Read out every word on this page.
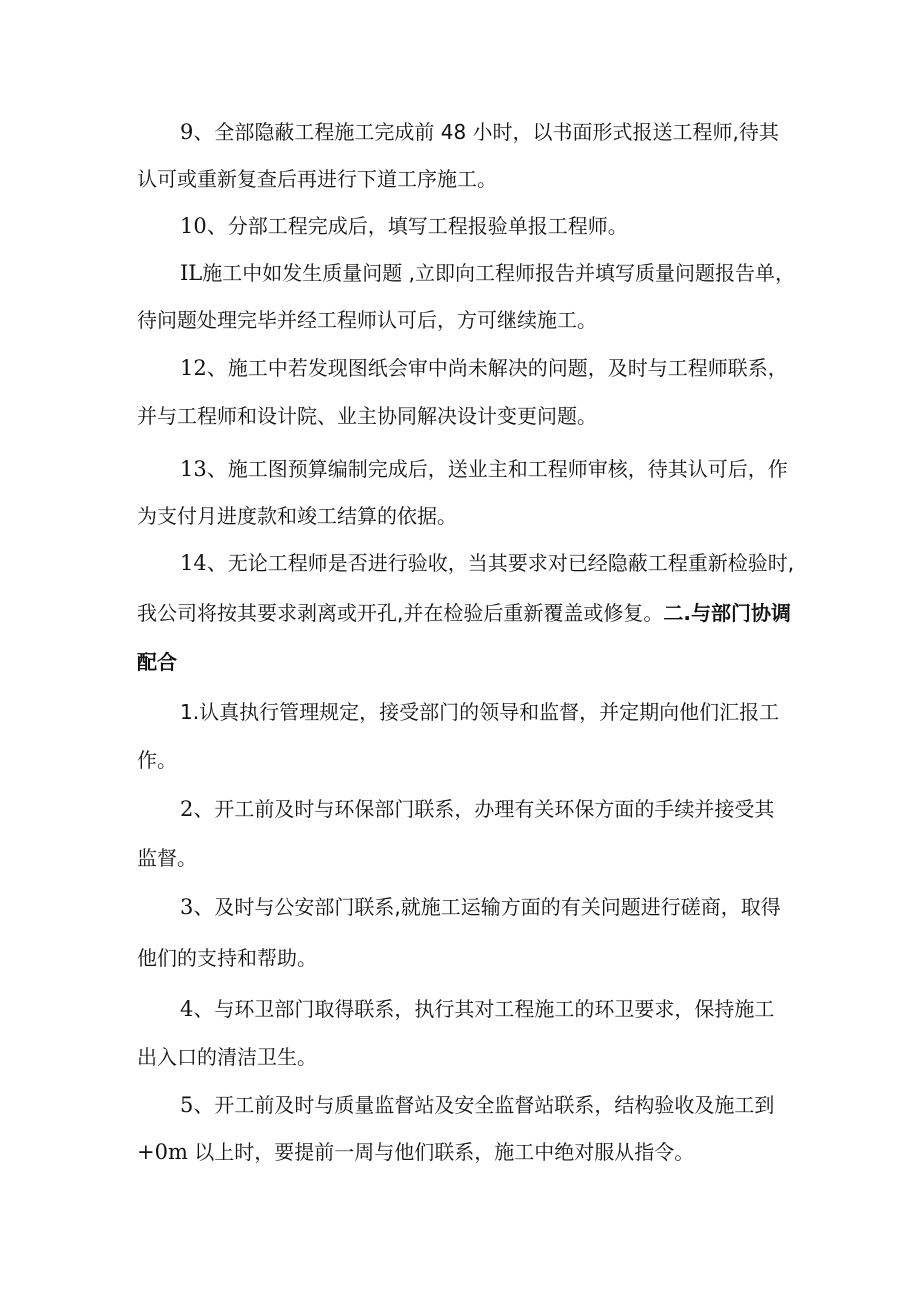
9、全部隐蔽工程施工完成前 48 小时，以书面形式报送工程师,待其
认可或重新复查后再进行下道工序施工。
10、分部工程完成后，填写工程报验单报工程师。
IL施工中如发生质量问题 ,立即向工程师报告并填写质量问题报告单，
待问题处理完毕并经工程师认可后，方可继续施工。
12、施工中若发现图纸会审中尚未解决的问题，及时与工程师联系，
并与工程师和设计院、业主协同解决设计变更问题。
13、施工图预算编制完成后，送业主和工程师审核，待其认可后，作
为支付月进度款和竣工结算的依据。
14、无论工程师是否进行验收，当其要求对已经隐蔽工程重新检验时,
我公司将按其要求剥离或开孔,并在检验后重新覆盖或修复。二.与部门协调
配合
1.认真执行管理规定，接受部门的领导和监督，并定期向他们汇报工
作。
2、开工前及时与环保部门联系，办理有关环保方面的手续并接受其
监督。
3、及时与公安部门联系,就施工运输方面的有关问题进行磋商，取得
他们的支持和帮助。
4、与环卫部门取得联系，执行其对工程施工的环卫要求，保持施工
出入口的清洁卫生。
5、开工前及时与质量监督站及安全监督站联系，结构验收及施工到
+0m 以上时，要提前一周与他们联系，施工中绝对服从指令。
